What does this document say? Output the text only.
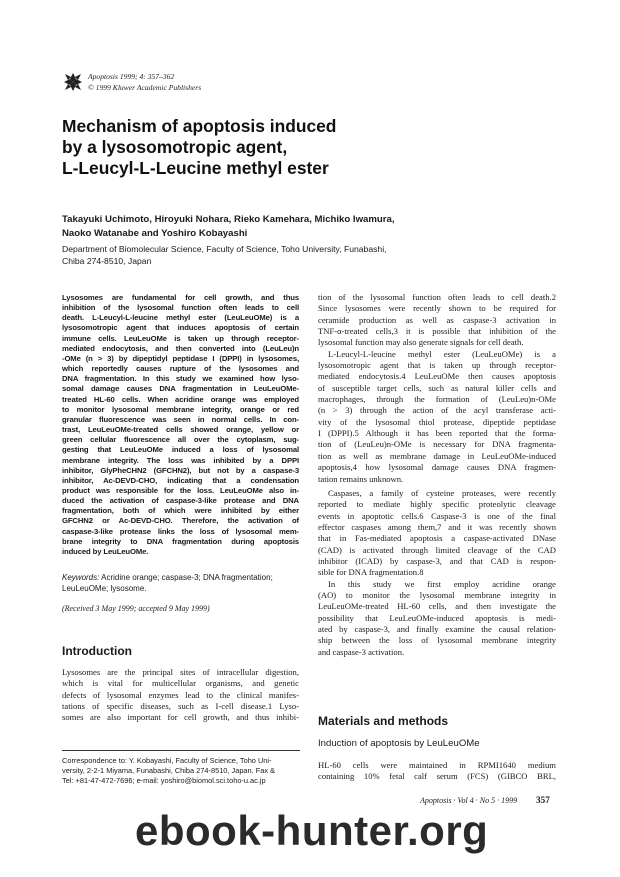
Apoptosis 1999; 4: 357–362
© 1999 Kluwer Academic Publishers
Mechanism of apoptosis induced
by a lysosomotropic agent,
L-Leucyl-L-Leucine methyl ester
Takayuki Uchimoto, Hiroyuki Nohara, Rieko Kamehara, Michiko Iwamura,
Naoko Watanabe and Yoshiro Kobayashi
Department of Biomolecular Science, Faculty of Science, Toho University, Funabashi,
Chiba 274-8510, Japan
Lysosomes are fundamental for cell growth, and thus
inhibition of the lysosomal function often leads to cell
death. L-Leucyl-L-leucine methyl ester (LeuLeuOMe) is a
lysosomotropic agent that induces apoptosis of certain
immune cells. LeuLeuOMe is taken up through receptor-
mediated endocytosis, and then converted into (LeuLeu)n
-OMe (n > 3) by dipeptidyl peptidase I (DPPI) in lysosomes,
which reportedly causes rupture of the lysosomes and
DNA fragmentation. In this study we examined how lyso-
somal damage causes DNA fragmentation in LeuLeuOMe-
treated HL-60 cells. When acridine orange was employed
to monitor lysosomal membrane integrity, orange or red
granular fluorescence was seen in normal cells. In con-
trast, LeuLeuOMe-treated cells showed orange, yellow or
green cellular fluorescence all over the cytoplasm, sug-
gesting that LeuLeuOMe induced a loss of lysosomal
membrane integrity. The loss was inhibited by a DPPI
inhibitor, GlyPheCHN2 (GFCHN2), but not by a caspase-3
inhibitor, Ac-DEVD-CHO, indicating that a condensation
product was responsible for the loss. LeuLeuOMe also in-
duced the activation of caspase-3-like protease and DNA
fragmentation, both of which were inhibited by either
GFCHN2 or Ac-DEVD-CHO. Therefore, the activation of
caspase-3-like protease links the loss of lysosomal mem-
brane integrity to DNA fragmentation during apoptosis
induced by LeuLeuOMe.
Keywords: Acridine orange; caspase-3; DNA fragmentation;
LeuLeuOMe; lysosome.
(Received 3 May 1999; accepted 9 May 1999)
Introduction
Lysosomes are the principal sites of intracellular digestion,
which is vital for multicellular organisms, and genetic
defects of lysosomal enzymes lead to the clinical manifes-
tations of specific diseases, such as I-cell disease.1 Lyso-
somes are also important for cell growth, and thus inhibi-
Correspondence to: Y. Kobayashi, Faculty of Science, Toho Uni-
versity, 2-2-1 Miyama, Funabashi, Chiba 274-8510, Japan. Fax &
Tel: +81-47-472-7696; e-mail: yoshiro@biomol.sci.toho-u.ac.jp
tion of the lysosomal function often leads to cell death.2
Since lysosomes were recently shown to be required for
ceramide production as well as caspase-3 activation in
TNF-α-treated cells,3 it is possible that inhibition of the
lysosomal function may also generate signals for cell death.
L-Leucyl-L-leucine methyl ester (LeuLeuOMe) is a
lysosomotropic agent that is taken up through receptor-
mediated endocytosis.4 LeuLeuOMe then causes apoptosis
of susceptible target cells, such as natural killer cells and
macrophages, through the formation of (LeuLeu)n-OMe
(n > 3) through the action of the acyl transferase acti-
vity of the lysosomal thiol protease, dipeptide peptidase
I (DPPI).5 Although it has been reported that the forma-
tion of (LeuLeu)n-OMe is necessary for DNA fragmenta-
tion as well as membrane damage in LeuLeuOMe-induced
apoptosis,4 how lysosomal damage causes DNA fragmen-
tation remains unknown.
Caspases, a family of cysteine proteases, were recently
reported to mediate highly specific proteolytic cleavage
events in apoptotic cells.6 Caspase-3 is one of the final
effector caspases among them,7 and it was recently shown
that in Fas-mediated apoptosis a caspase-activated DNase
(CAD) is activated through limited cleavage of the CAD
inhibitor (ICAD) by caspase-3, and that CAD is respon-
sible for DNA fragmentation.8
In this study we first employ acridine orange
(AO) to monitor the lysosomal membrane integrity in
LeuLeuOMe-treated HL-60 cells, and then investigate the
possibility that LeuLeuOMe-induced apoptosis is medi-
ated by caspase-3, and finally examine the causal relation-
ship between the loss of lysosomal membrane integrity
and caspase-3 activation.
Materials and methods
Induction of apoptosis by LeuLeuOMe
HL-60 cells were maintained in RPMI1640 medium
containing 10% fetal calf serum (FCS) (GIBCO BRL,
Apoptosis · Vol 4 · No 5 · 1999 357
ebook-hunter.org
